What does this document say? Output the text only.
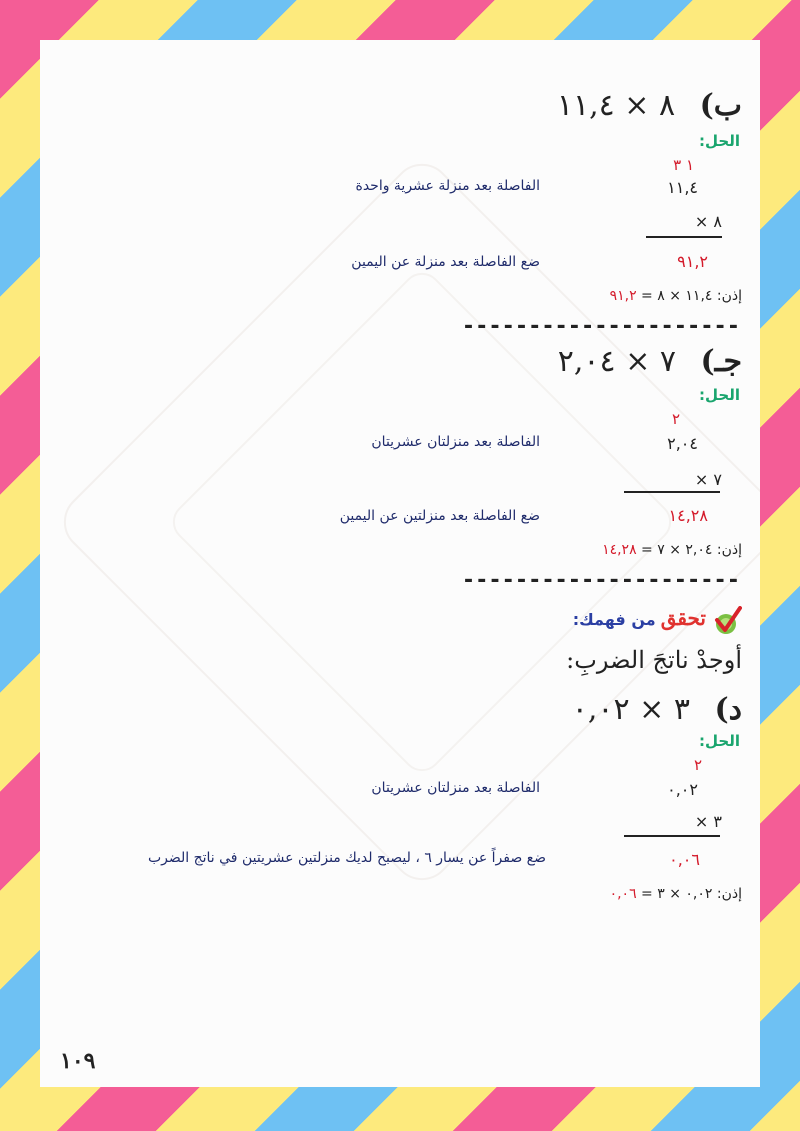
ب) ٨ × ١١,٤
الحل:
١ ٣
الفاصلة بعد منزلة عشرية واحدة	١١,٤
× ٨
ضع الفاصلة بعد منزلة عن اليمين	٩١,٢
إذن: ١١,٤ × ٨ = ٩١,٢
---------------------
جـ) ٧ × ٢,٠٤
الحل:
٢
الفاصلة بعد منزلتان عشريتان	٢,٠٤
× ٧
ضع الفاصلة بعد منزلتين عن اليمين	١٤,٢٨
إذن: ٢,٠٤ × ٧ = ١٤,٢٨
---------------------
تحقق من فهمك:
أوجدْ ناتجَ الضربِ:
د) ٣ × ٠,٠٢
الحل:
٢
الفاصلة بعد منزلتان عشريتان	٠,٠٢
× ٣
ضع صفراً عن يسار ٦ ، ليصبح لديك منزلتين عشريتين في ناتج الضرب	٠,٠٦
إذن: ٠,٠٢ × ٣ = ٠,٠٦
١٠٩
